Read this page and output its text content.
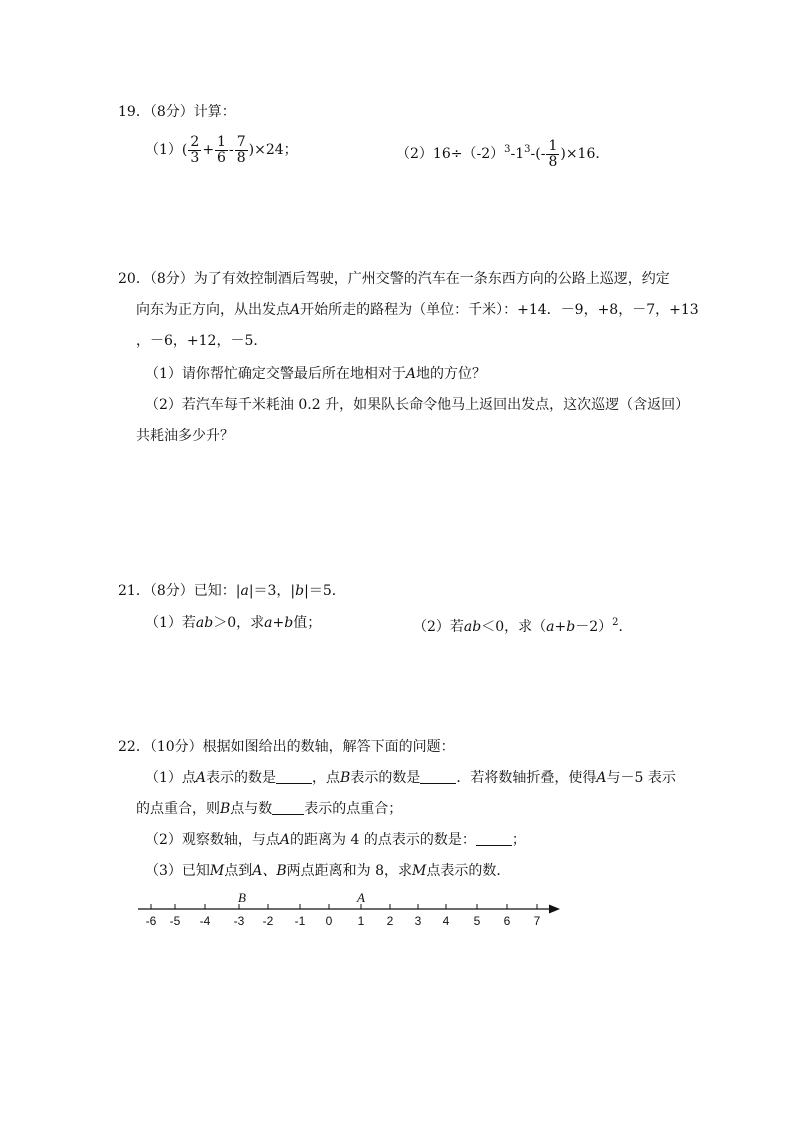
19．（8分）计算：
$(1)( \frac{2}{3} + \frac{1}{6} - \frac{7}{8} )\times 24$；	$(2)16\div(-2)^3-1^3-(- \frac{1}{8} )\times 16$．
20．（8分）为了有效控制酒后驾驶，广州交警的汽车在一条东西方向的公路上巡逻，约定
向东为正方向，从出发点A开始所走的路程为（单位：千米）：+14．－9，+8，－7，+13
，－6，+12，－5．
（1）请你帮忙确定交警最后所在地相对于A地的方位？
（2）若汽车每千米耗油 0.2 升，如果队长命令他马上返回出发点，这次巡逻（含返回）
共耗油多少升？
21．（8分）已知：|a|＝3，|b|＝5．
（1）若ab＞0，求a+b值；	（2）若ab＜0，求$(a+b-2)^2$．
22．（10分）根据如图给出的数轴，解答下面的问题：
（1）点A表示的数是	，点B表示的数是	．若将数轴折叠，使得A与－5 表示
的点重合，则B点与数 表示的点重合；
（2）观察数轴，与点A的距离为 4 的点表示的数是：	；
（3）已知M点到A、B两点距离和为 8，求M点表示的数．
-6 -5 -4 -3 -2 -1 0 1 2 3 4 5 6 7
B	A
